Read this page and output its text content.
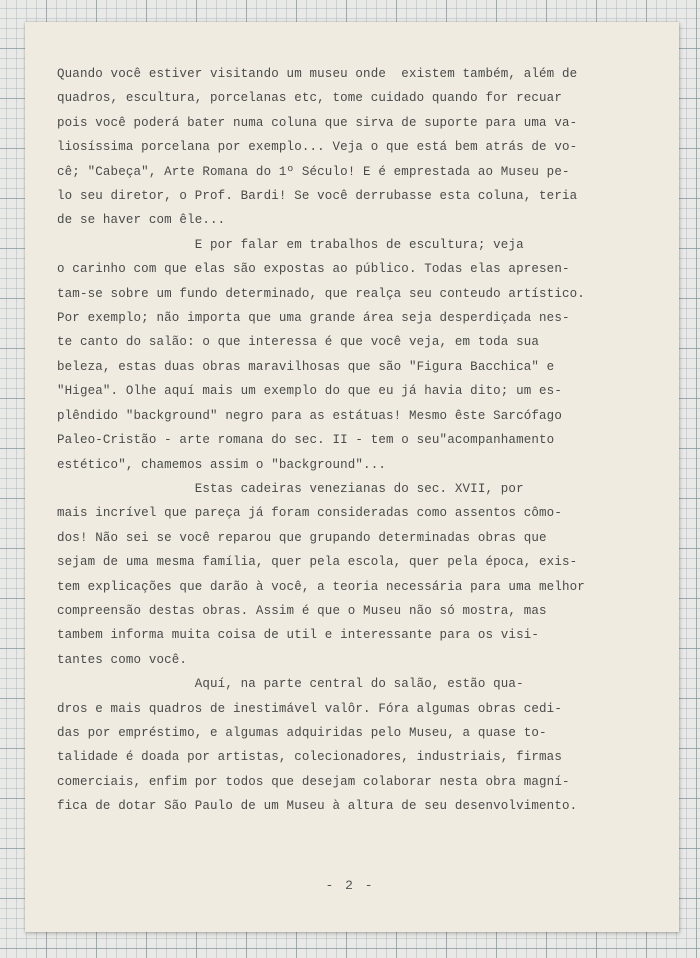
Quando você estiver visitando um museu onde  existem também, além de
quadros, escultura, porcelanas etc, tome cuidado quando for recuar
pois você poderá bater numa coluna que sirva de suporte para uma va-
liosíssima porcelana por exemplo... Veja o que está bem atrás de vo-
cê; "Cabeça", Arte Romana do 1º Século! E é emprestada ao Museu pe-
lo seu diretor, o Prof. Bardi! Se você derrubasse esta coluna, teria
de se haver com êle...
E por falar em trabalhos de escultura; veja
o carinho com que elas são expostas ao público. Todas elas apresen-
tam-se sobre um fundo determinado, que realça seu conteudo artístico.
Por exemplo; não importa que uma grande área seja desperdiçada nes-
te canto do salão: o que interessa é que você veja, em toda sua
beleza, estas duas obras maravilhosas que são "Figura Bacchica" e
"Higea". Olhe aquí mais um exemplo do que eu já havia dito; um es-
plêndido "background" negro para as estátuas! Mesmo êste Sarcófago
Paleo-Cristão - arte romana do sec. II - tem o seu"acompanhamento
estético", chamemos assim o "background"...
Estas cadeiras venezianas do sec. XVII, por
mais incrível que pareça já foram consideradas como assentos cômo-
dos! Não sei se você reparou que grupando determinadas obras que
sejam de uma mesma família, quer pela escola, quer pela época, exis-
tem explicações que darão à você, a teoria necessária para uma melhor
compreensão destas obras. Assim é que o Museu não só mostra, mas
tambem informa muita coisa de util e interessante para os visi-
tantes como você.
Aquí, na parte central do salão, estão qua-
dros e mais quadros de inestimável valôr. Fóra algumas obras cedi-
das por empréstimo, e algumas adquiridas pelo Museu, a quase to-
talidade é doada por artistas, colecionadores, industriais, firmas
comerciais, enfim por todos que desejam colaborar nesta obra magní-
fica de dotar São Paulo de um Museu à altura de seu desenvolvimento.
- 2 -
